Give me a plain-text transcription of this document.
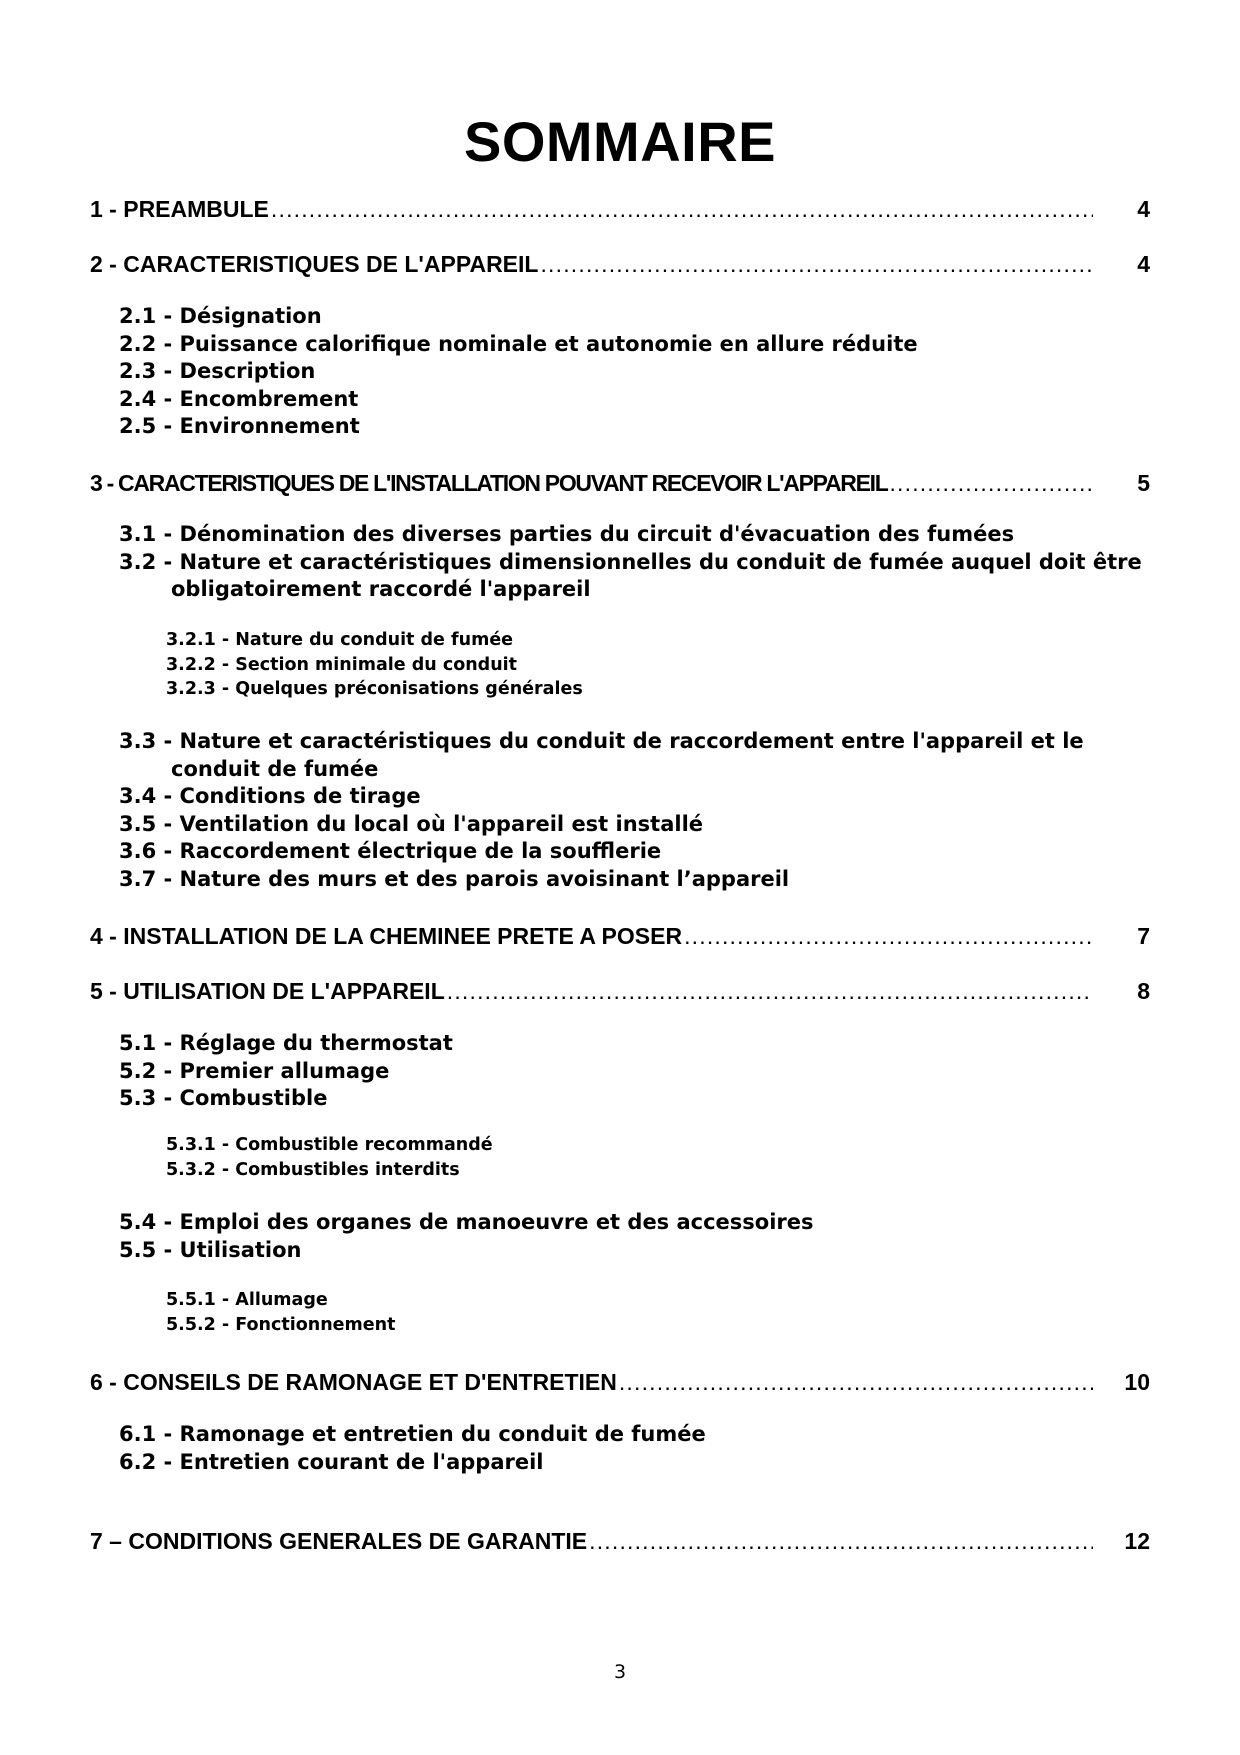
SOMMAIRE
1 - PREAMBULE . . .	4
2 - CARACTERISTIQUES DE L'APPAREIL . . .	4
2.1 - Désignation
2.2 - Puissance calorifique nominale et autonomie en allure réduite
2.3 - Description
2.4 - Encombrement
2.5 - Environnement
3 - CARACTERISTIQUES DE L'INSTALLATION POUVANT RECEVOIR L'APPAREIL . . .	5
3.1 - Dénomination des diverses parties du circuit d'évacuation des fumées
3.2 - Nature et caractéristiques dimensionnelles du conduit de fumée auquel doit être obligatoirement raccordé l'appareil
3.2.1 - Nature du conduit de fumée
3.2.2 - Section minimale du conduit
3.2.3 - Quelques préconisations générales
3.3 - Nature et caractéristiques du conduit de raccordement entre l'appareil et le conduit de fumée
3.4 - Conditions de tirage
3.5 - Ventilation du local où l'appareil est installé
3.6 - Raccordement électrique de la soufflerie
3.7 - Nature des murs et des parois avoisinant l’appareil
4 - INSTALLATION DE LA CHEMINEE PRETE A POSER . . .	7
5 - UTILISATION DE L'APPAREIL . . .	8
5.1 - Réglage du thermostat
5.2 - Premier allumage
5.3 - Combustible
5.3.1 - Combustible recommandé
5.3.2 - Combustibles interdits
5.4 - Emploi des organes de manoeuvre et des accessoires
5.5 - Utilisation
5.5.1 - Allumage
5.5.2 - Fonctionnement
6 - CONSEILS DE RAMONAGE ET D'ENTRETIEN . . .	10
6.1 - Ramonage et entretien du conduit de fumée
6.2 - Entretien courant de l'appareil
7 – CONDITIONS GENERALES DE GARANTIE . . .	12
3
